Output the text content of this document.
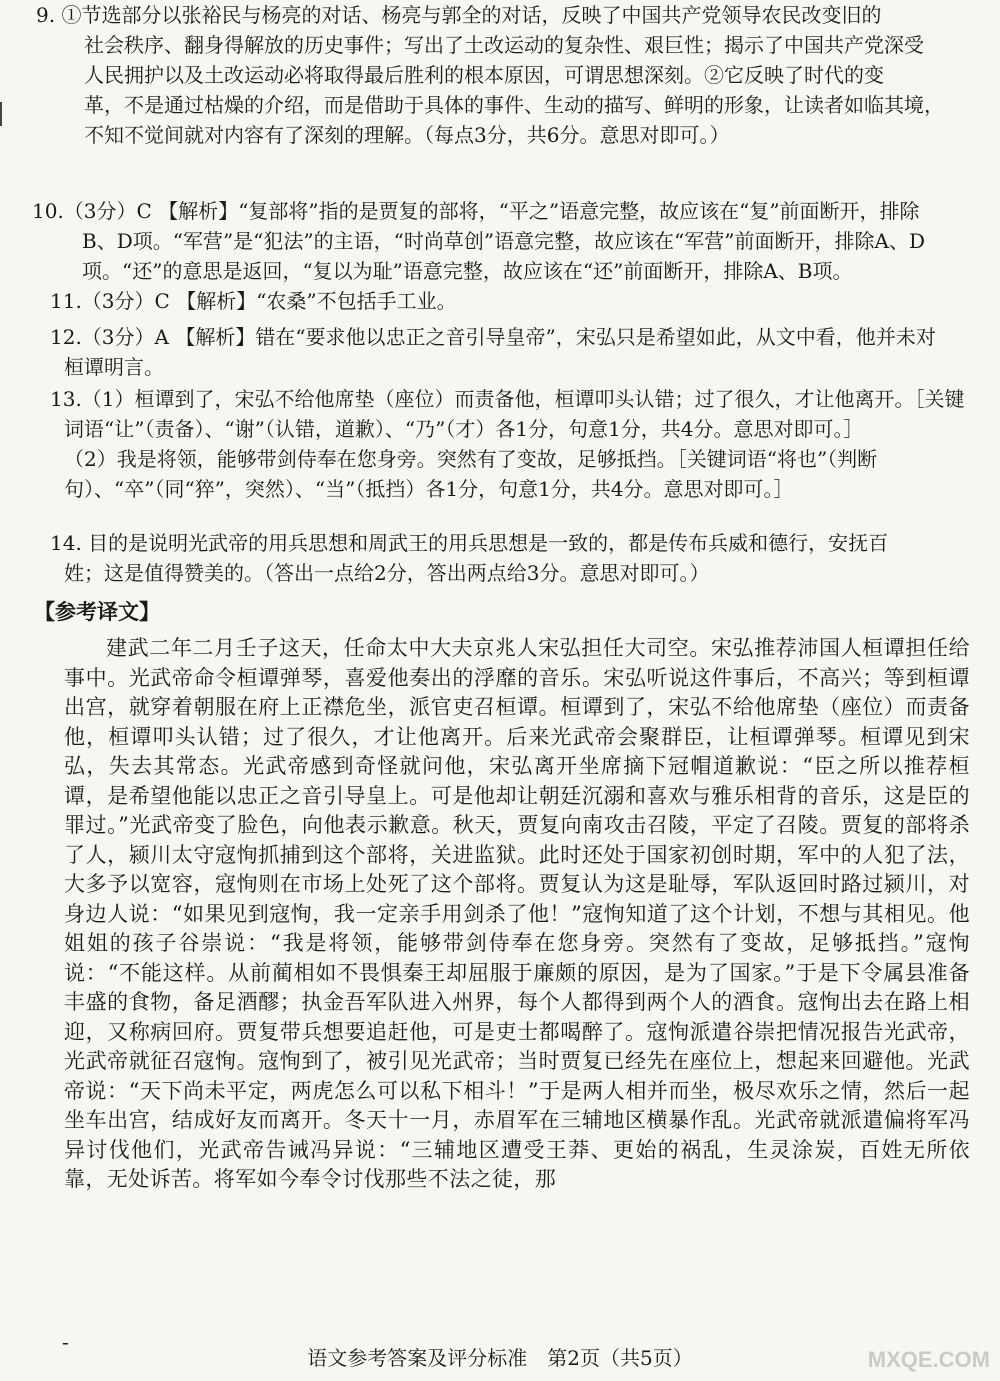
9. ①节选部分以张裕民与杨亮的对话、杨亮与郭全的对话，反映了中国共产党领导农民改变旧的

社会秩序、翻身得解放的历史事件；写出了土改运动的复杂性、艰巨性；揭示了中国共产党深受

人民拥护以及土改运动必将取得最后胜利的根本原因，可谓思想深刻。②它反映了时代的变

革，不是通过枯燥的介绍，而是借助于具体的事件、生动的描写、鲜明的形象，让读者如临其境，

不知不觉间就对内容有了深刻的理解。（每点3分，共6分。意思对即可。）

10.（3分）C 【解析】“复部将”指的是贾复的部将，“平之”语意完整，故应该在“复”前面断开，排除

B、D项。“军营”是“犯法”的主语，“时尚草创”语意完整，故应该在“军营”前面断开，排除A、D

项。“还”的意思是返回，“复以为耻”语意完整，故应该在“还”前面断开，排除A、B项。

11.（3分）C 【解析】“农桑”不包括手工业。

12.（3分）A 【解析】错在“要求他以忠正之音引导皇帝”，宋弘只是希望如此，从文中看，他并未对

桓谭明言。

13.（1）桓谭到了，宋弘不给他席垫（座位）而责备他，桓谭叩头认错；过了很久，才让他离开。［关键

词语“让”（责备）、“谢”（认错，道歉）、“乃”（才）各1分，句意1分，共4分。意思对即可。］

（2）我是将领，能够带剑侍奉在您身旁。突然有了变故，足够抵挡。［关键词语“将也”（判断

句）、“卒”（同“猝”，突然）、“当”（抵挡）各1分，句意1分，共4分。意思对即可。］

14. 目的是说明光武帝的用兵思想和周武王的用兵思想是一致的，都是传布兵威和德行，安抚百

姓；这是值得赞美的。（答出一点给2分，答出两点给3分。意思对即可。）

【参考译文】

建武二年二月壬子这天，任命太中大夫京兆人宋弘担任大司空。宋弘推荐沛国人桓谭担任给事中。光武帝命令桓谭弹琴，喜爱他奏出的浮靡的音乐。宋弘听说这件事后，不高兴；等到桓谭出宫，就穿着朝服在府上正襟危坐，派官吏召桓谭。桓谭到了，宋弘不给他席垫（座位）而责备他，桓谭叩头认错；过了很久，才让他离开。后来光武帝会聚群臣，让桓谭弹琴。桓谭见到宋弘，失去其常态。光武帝感到奇怪就问他，宋弘离开坐席摘下冠帽道歉说：“臣之所以推荐桓谭，是希望他能以忠正之音引导皇上。可是他却让朝廷沉溺和喜欢与雅乐相背的音乐，这是臣的罪过。”光武帝变了脸色，向他表示歉意。秋天，贾复向南攻击召陵，平定了召陵。贾复的部将杀了人，颍川太守寇恂抓捕到这个部将，关进监狱。此时还处于国家初创时期，军中的人犯了法，大多予以宽容，寇恂则在市场上处死了这个部将。贾复认为这是耻辱，军队返回时路过颍川，对身边人说：“如果见到寇恂，我一定亲手用剑杀了他！”寇恂知道了这个计划，不想与其相见。他姐姐的孩子谷崇说：“我是将领，能够带剑侍奉在您身旁。突然有了变故，足够抵挡。”寇恂说：“不能这样。从前蔺相如不畏惧秦王却屈服于廉颇的原因，是为了国家。”于是下令属县准备丰盛的食物，备足酒醪；执金吾军队进入州界，每个人都得到两个人的酒食。寇恂出去在路上相迎，又称病回府。贾复带兵想要追赶他，可是吏士都喝醉了。寇恂派遣谷崇把情况报告光武帝，光武帝就征召寇恂。寇恂到了，被引见光武帝；当时贾复已经先在座位上，想起来回避他。光武帝说：“天下尚未平定，两虎怎么可以私下相斗！”于是两人相并而坐，极尽欢乐之情，然后一起坐车出宫，结成好友而离开。冬天十一月，赤眉军在三辅地区横暴作乱。光武帝就派遣偏将军冯异讨伐他们，光武帝告诫冯异说：“三辅地区遭受王莽、更始的祸乱，生灵涂炭，百姓无所依靠，无处诉苦。将军如今奉令讨伐那些不法之徒，那

-

语文参考答案及评分标准　第2页（共5页）	MXQE.COM
